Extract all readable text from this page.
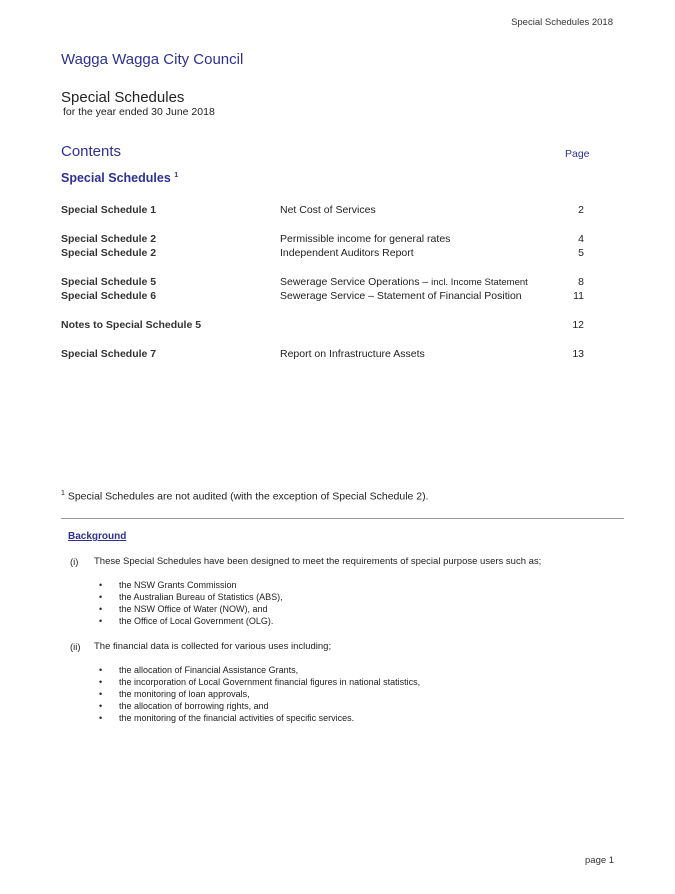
Special Schedules 2018
Wagga Wagga City Council
Special Schedules
for the year ended 30 June 2018
Contents	Page
Special Schedules $^1$
Special Schedule 1	Net Cost of Services	2
Special Schedule 2	Permissible income for general rates	4
Special Schedule 2	Independent Auditors Report	5
Special Schedule 5	Sewerage Service Operations – incl. Income Statement	8
Special Schedule 6	Sewerage Service – Statement of Financial Position	11
Notes to Special Schedule 5	12
Special Schedule 7	Report on Infrastructure Assets	13
$^1$ Special Schedules are not audited (with the exception of Special Schedule 2).
Background
(i) These Special Schedules have been designed to meet the requirements of special purpose users such as;
• the NSW Grants Commission
• the Australian Bureau of Statistics (ABS),
• the NSW Office of Water (NOW), and
• the Office of Local Government (OLG).
(ii) The financial data is collected for various uses including;
• the allocation of Financial Assistance Grants,
• the incorporation of Local Government financial figures in national statistics,
• the monitoring of loan approvals,
• the allocation of borrowing rights, and
• the monitoring of the financial activities of specific services.
page 1
